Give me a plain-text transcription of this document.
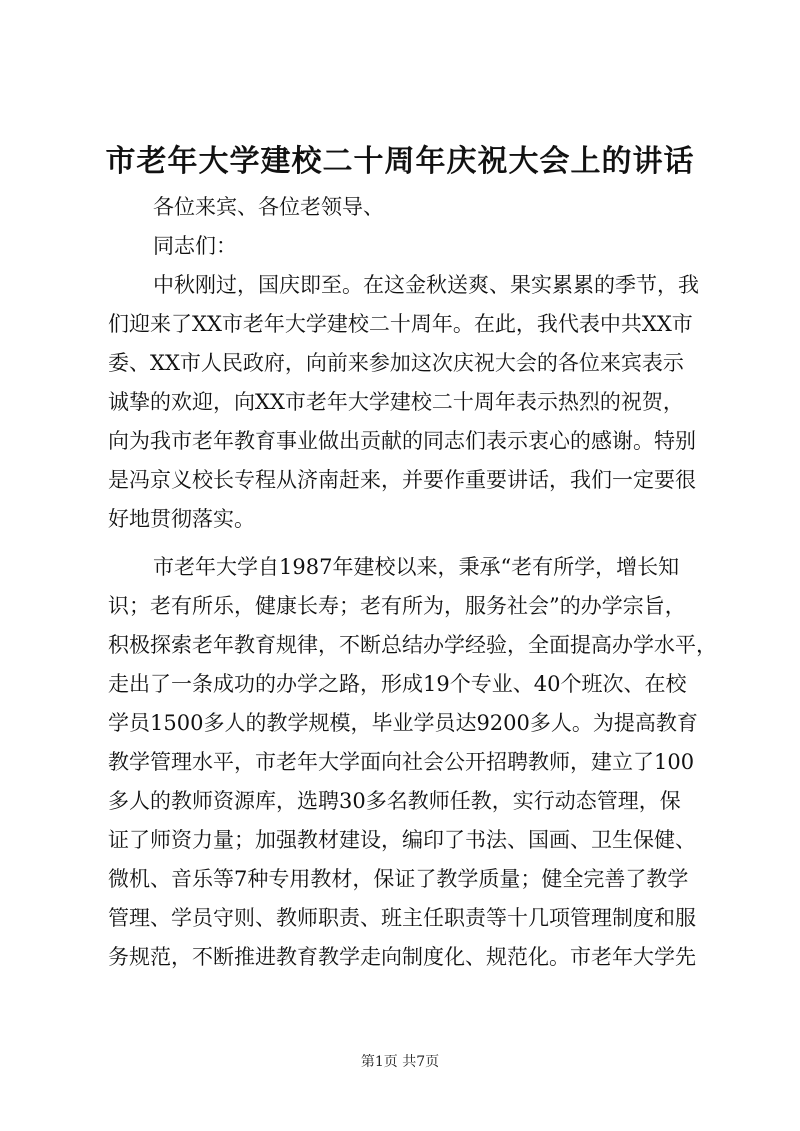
市老年大学建校二十周年庆祝大会上的讲话
各位来宾、各位老领导、
同志们：
中秋刚过，国庆即至。在这金秋送爽、果实累累的季节，我
们迎来了XX市老年大学建校二十周年。在此，我代表中共XX市
委、XX市人民政府，向前来参加这次庆祝大会的各位来宾表示
诚挚的欢迎，向XX市老年大学建校二十周年表示热烈的祝贺，
向为我市老年教育事业做出贡献的同志们表示衷心的感谢。特别
是冯京义校长专程从济南赶来，并要作重要讲话，我们一定要很
好地贯彻落实。
市老年大学自1987年建校以来，秉承“老有所学，增长知
识；老有所乐，健康长寿；老有所为，服务社会”的办学宗旨，
积极探索老年教育规律，不断总结办学经验，全面提高办学水平，
走出了一条成功的办学之路，形成19个专业、40个班次、在校
学员1500多人的教学规模，毕业学员达9200多人。为提高教育
教学管理水平，市老年大学面向社会公开招聘教师，建立了100
多人的教师资源库，选聘30多名教师任教，实行动态管理，保
证了师资力量；加强教材建设，编印了书法、国画、卫生保健、
微机、音乐等7种专用教材，保证了教学质量；健全完善了教学
管理、学员守则、教师职责、班主任职责等十几项管理制度和服
务规范，不断推进教育教学走向制度化、规范化。市老年大学先
第1页 共7页
